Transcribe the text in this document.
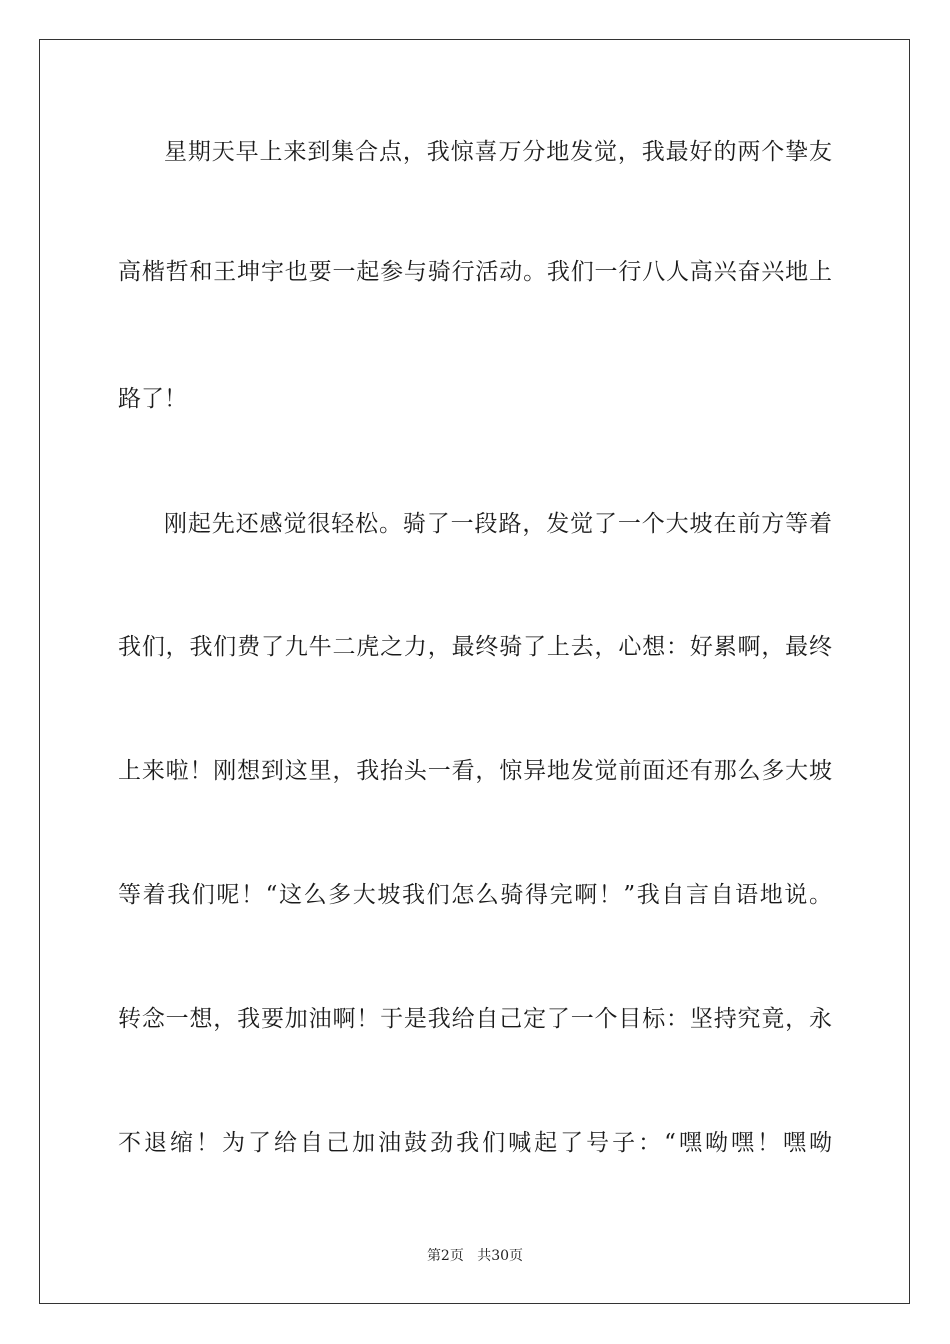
星期天早上来到集合点，我惊喜万分地发觉，我最好的两个挚友
高楷哲和王坤宇也要一起参与骑行活动。我们一行八人高兴奋兴地上
路了！
刚起先还感觉很轻松。骑了一段路，发觉了一个大坡在前方等着
我们，我们费了九牛二虎之力，最终骑了上去，心想：好累啊，最终
上来啦！刚想到这里，我抬头一看，惊异地发觉前面还有那么多大坡
等着我们呢！“这么多大坡我们怎么骑得完啊！”我自言自语地说。
转念一想，我要加油啊！于是我给自己定了一个目标：坚持究竟，永
不退缩！为了给自己加油鼓劲我们喊起了号子：“嘿呦嘿！嘿呦
第2页 共30页
